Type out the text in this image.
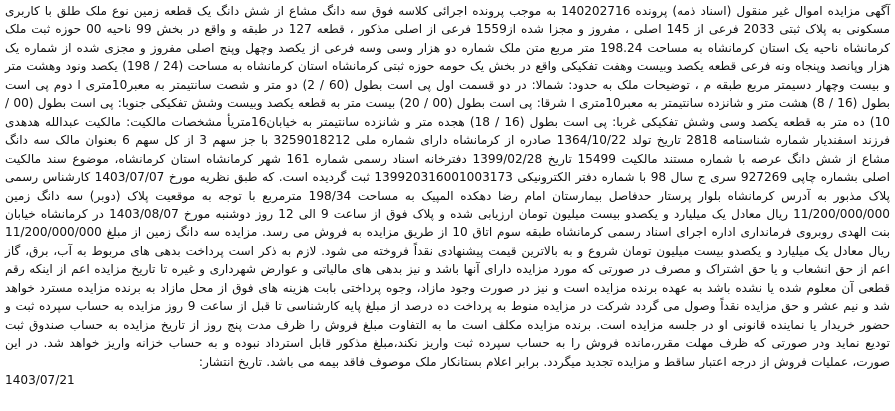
آگهی مزایده اموال غیر منقول (اسناد ذمه) پرونده 140202716 به موجب پرونده اجرائی کلاسه فوق سه دانگ مشاع از شش دانگ یک قطعه زمین نوع ملک طلق با کاربری مسکونی به پلاک ثبتی 2033 فرعی از 145 اصلی ، مفروز و مجزا شده از1559 فرعی از اصلی مذکور ، قطعه 127 در طبقه و واقع در بخش 99 ناحیه 00 حوزه ثبت ملک کرمانشاه ناحیه یک استان کرمانشاه به مساحت 198.24 متر مربع متن ملک شماره دو هزار وسی وسه فرعی از یکصد وچهل وپنج اصلی مفروز و مجزی شده از شماره یک هزار وپانصد وپنجاه ونه فرعی قطعه یکصد وبیست وهفت تفکیکی واقع در بخش یک حومه حوزه ثبتی کرمانشاه استان کرمانشاه به مساحت (24 / 198) یکصد ونود وهشت متر و بیست وچهار دسیمتر مربع طبقه م ، توضیحات ملک به حدود: شمالا: در دو قسمت اول پی است بطول (60 / 2) دو متر و شصت سانتیمتر به معبر10متری ا دوم پی است بطول (16 / 8) هشت متر و شانزده سانتیمتر به معبر10متری ا شرقا: پی است بطول (00 / 20) بیست متر به قطعه یکصد وبیست وشش تفکیکی جنوبا: پی است بطول (00 / 10) ده متر به قطعه یکصد وسی وشش تفکیکی غربا: پی است بطول (16 / 18) هجده متر و شانزده سانتیمتر به خیابان16متریأ مشخصات مالکیت: مالکیت عبدالله هدهدی فرزند اسفندیار شماره شناسنامه 2818 تاریخ تولد 1364/10/22 صادره از کرمانشاه دارای شماره ملی 3259018212 با جز سهم 3 از کل سهم 6 بعنوان مالک سه دانگ مشاع از شش دانگ عرصه با شماره مستند مالکیت 15499 تاریخ 1399/02/28 دفترخانه اسناد رسمی شماره 161 شهر کرمانشاه استان کرمانشاه، موضوع سند مالکیت اصلی بشماره چاپی 927269 سری ج سال 98 با شماره دفتر الکترونیکی 139920316001003173 ثبت گردیده است. که طبق نظریه مورخ 1403/07/07 کارشناس رسمی پلاک مذبور به آدرس کرمانشاه بلوار پرستار حدفاصل بیمارستان امام رضا دهکده المپیک به مساحت 198/34 مترمربع با توجه به موقعیت پلاک (دوبر) سه دانگ زمین 11/200/000/000 ریال معادل یک میلیارد و یکصدو بیست میلیون تومان ارزیابی شده و پلاک فوق از ساعت 9 الی 12 روز دوشنبه مورخ 1403/08/07 در کرمانشاه خیابان بنت الهدی روبروی فرمانداری اداره اجرای اسناد رسمی کرمانشاه طبقه سوم اتاق 10 از طریق مزایده به فروش می رسد. مزایده سه دانگ زمین از مبلغ 11/200/000/000 ریال معادل یک میلیارد و یکصدو بیست میلیون تومان شروع و به بالاترین قیمت پیشنهادی نقداً فروخته می شود. لازم به ذکر است پرداخت بدهی های مربوط به آب، برق، گاز اعم از حق انشعاب و یا حق اشتراک و مصرف در صورتی که مورد مزایده دارای آنها باشد و نیز بدهی های مالیاتی و عوارض شهرداری و غیره تا تاریخ مزایده اعم از اینکه رقم قطعی آن معلوم شده یا نشده باشد به عهده برنده مزایده است و نیز در صورت وجود مازاد، وجوه پرداختی بابت هزینه های فوق از محل مازاد به برنده مزایده مسترد خواهد شد و نیم عشر و حق مزایده نقداً وصول می گردد شرکت در مزایده منوط به پرداخت ده درصد از مبلغ پایه کارشناسی تا قبل از ساعت 9 روز مزایده به حساب سپرده ثبت و حضور خریدار یا نماینده قانونی او در جلسه مزایده است. برنده مزایده مکلف است ما به التفاوت مبلغ فروش را ظرف مدت پنج روز از تاریخ مزایده به حساب صندوق ثبت تودیع نماید ودر صورتی که ظرف مهلت مقرر،مانده فروش را به حساب سپرده ثبت واریز نکند،مبلغ مذکور قابل استرداد نبوده و به حساب خزانه واریز خواهد شد. در این صورت، عملیات فروش از درجه اعتبار ساقط و مزایده تجدید میگردد. برابر اعلام بستانکار ملک موصوف فاقد بیمه می باشد. تاریخ انتشار:

1403/07/21
